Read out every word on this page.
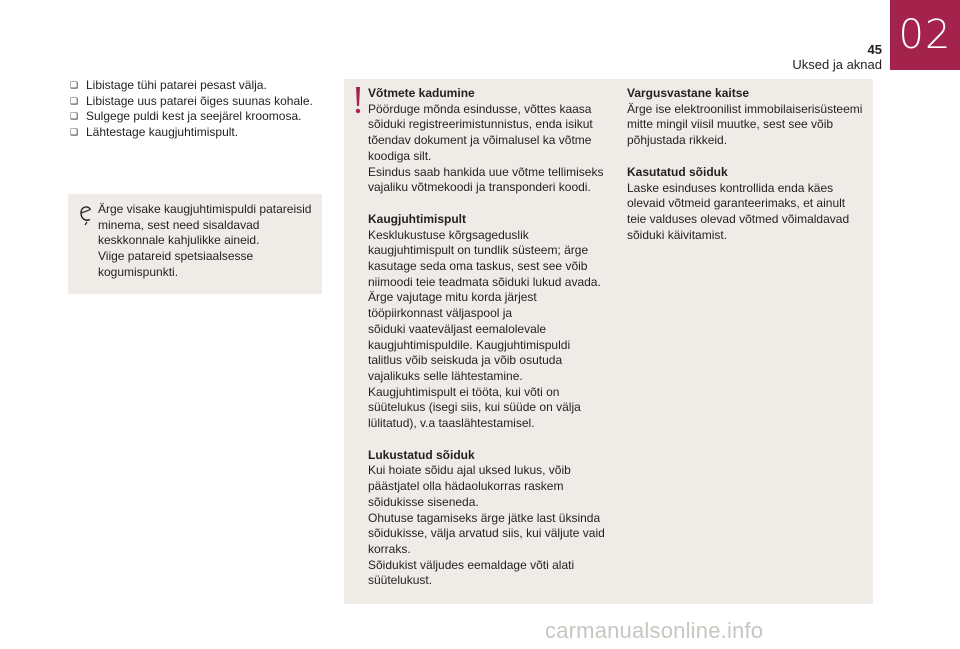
02
45
Uksed ja aknad
❑ Libistage tühi patarei pesast välja.
❑ Libistage uus patarei õiges suunas kohale.
❑ Sulgege puldi kest ja seejärel kroomosa.
❑ Lähtestage kaugjuhtimispult.
Ärge visake kaugjuhtimispuldi patareisid
minema, sest need sisaldavad
keskkonnale kahjulikke aineid.
Viige patareid spetsiaalsesse
kogumispunkti.
Võtmete kadumine

Pöörduge mõnda esindusse, võttes kaasa
sõiduki registreerimistunnistus, enda isikut
tõendav dokument ja võimalusel ka võtme
koodiga silt.
Esindus saab hankida uue võtme tellimiseks
vajaliku võtmekoodi ja transponderi koodi.

Kaugjuhtimispult

Kesklukustuse kõrgsageduslik
kaugjuhtimispult on tundlik süsteem; ärge
kasutage seda oma taskus, sest see võib
niimoodi teie teadmata sõiduki lukud avada.
Ärge vajutage mitu korda järjest
tööpiirkonnast väljaspool ja
sõiduki vaateväljast eemalolevale
kaugjuhtimispuldile. Kaugjuhtimispuldi
talitlus võib seiskuda ja võib osutuda
vajalikuks selle lähtestamine.
Kaugjuhtimispult ei tööta, kui võti on
süütelukus (isegi siis, kui süüde on välja
lülitatud), v.a taaslähtestamisel.

Lukustatud sõiduk

Kui hoiate sõidu ajal uksed lukus, võib
päästjatel olla hädaolukorras raskem
sõidukisse siseneda.
Ohutuse tagamiseks ärge jätke last üksinda
sõidukisse, välja arvatud siis, kui väljute vaid
korraks.
Sõidukist väljudes eemaldage võti alati
süütelukust.

Vargusvastane kaitse

Ärge ise elektroonilist immobilaiserisüsteemi
mitte mingil viisil muutke, sest see võib
põhjustada rikkeid.

Kasutatud sõiduk

Laske esinduses kontrollida enda käes
olevaid võtmeid garanteerimaks, et ainult
teie valduses olevad võtmed võimaldavad
sõiduki käivitamist.

carmanualsonline.info
